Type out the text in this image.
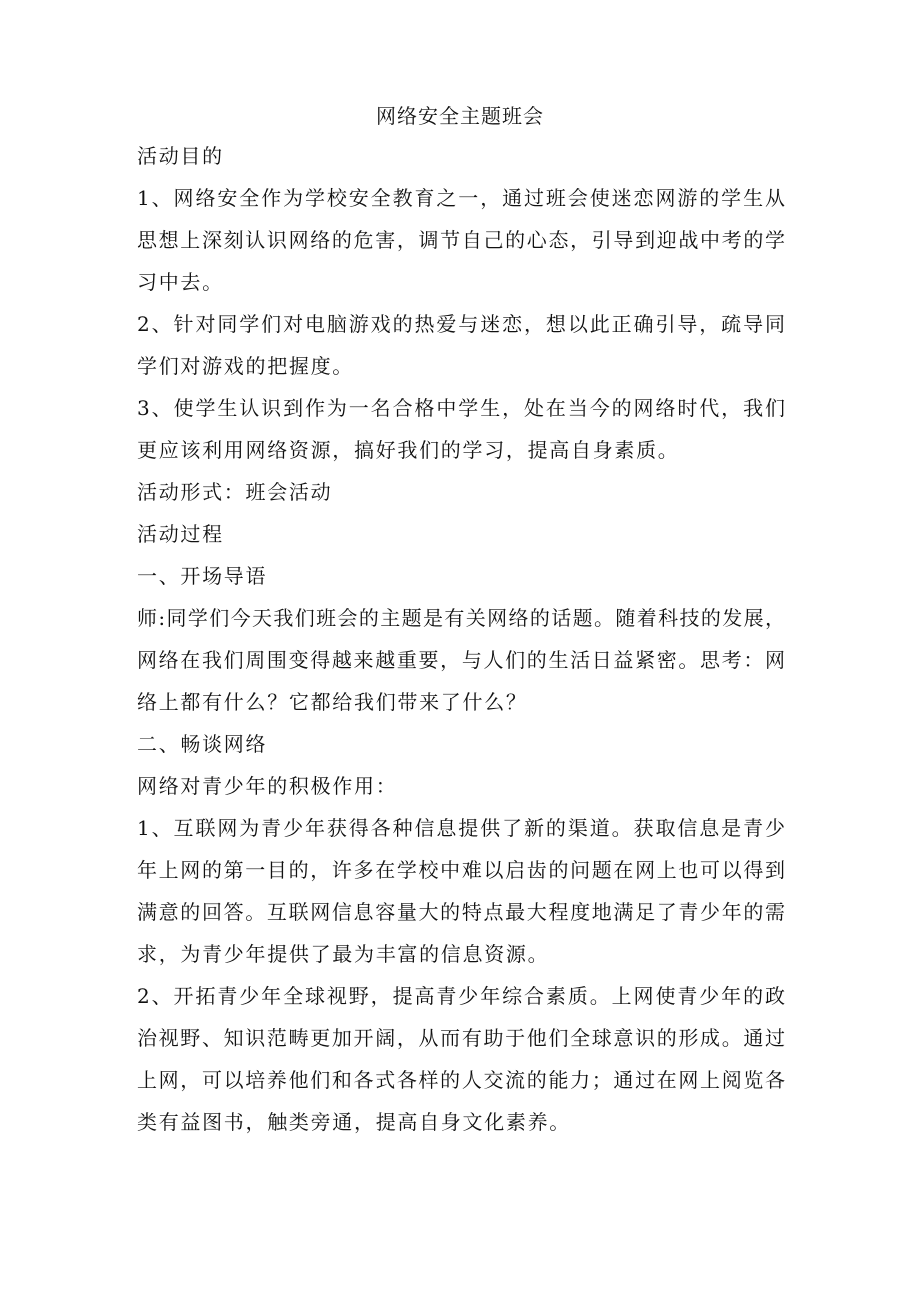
网络安全主题班会
活动目的
1、网络安全作为学校安全教育之一，通过班会使迷恋网游的学生从
思想上深刻认识网络的危害，调节自己的心态，引导到迎战中考的学
习中去。
2、针对同学们对电脑游戏的热爱与迷恋，想以此正确引导，疏导同
学们对游戏的把握度。
3、使学生认识到作为一名合格中学生，处在当今的网络时代，我们
更应该利用网络资源，搞好我们的学习，提高自身素质。
活动形式：班会活动
活动过程
一、开场导语
师:同学们今天我们班会的主题是有关网络的话题。随着科技的发展，
网络在我们周围变得越来越重要，与人们的生活日益紧密。思考：网
络上都有什么？它都给我们带来了什么？
二、畅谈网络
网络对青少年的积极作用：
1、互联网为青少年获得各种信息提供了新的渠道。获取信息是青少
年上网的第一目的，许多在学校中难以启齿的问题在网上也可以得到
满意的回答。互联网信息容量大的特点最大程度地满足了青少年的需
求，为青少年提供了最为丰富的信息资源。
2、开拓青少年全球视野，提高青少年综合素质。上网使青少年的政
治视野、知识范畴更加开阔，从而有助于他们全球意识的形成。通过
上网，可以培养他们和各式各样的人交流的能力；通过在网上阅览各
类有益图书，触类旁通，提高自身文化素养。
